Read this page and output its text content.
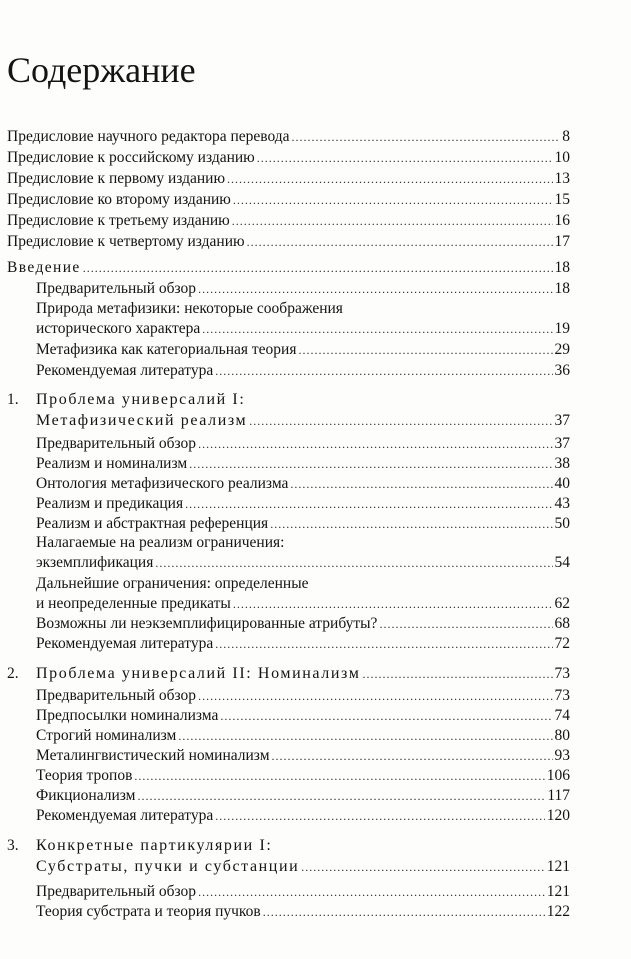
Содержание
Предисловие научного редактора перевода .....	8
Предисловие к российскому изданию .....	10
Предисловие к первому изданию .....	13
Предисловие ко второму изданию .....	15
Предисловие к третьему изданию .....	16
Предисловие к четвертому изданию .....	17
Введение .....	18
Предварительный обзор .....	18
Природа метафизики: некоторые соображения
исторического характера .....	19
Метафизика как категориальная теория .....	29
Рекомендуемая литература .....	36
1. Проблема универсалий I:
Метафизический реализм .....	37
Предварительный обзор .....	37
Реализм и номинализм .....	38
Онтология метафизического реализма .....	40
Реализм и предикация .....	43
Реализм и абстрактная референция .....	50
Налагаемые на реализм ограничения:
экземплификация .....	54
Дальнейшие ограничения: определенные
и неопределенные предикаты .....	62
Возможны ли неэкземплифицированные атрибуты? .....	68
Рекомендуемая литература .....	72
2. Проблема универсалий II: Номинализм .....	73
Предварительный обзор .....	73
Предпосылки номинализма .....	74
Строгий номинализм .....	80
Металингвистический номинализм .....	93
Теория тропов .....	106
Фикционализм .....	117
Рекомендуемая литература .....	120
3. Конкретные партикулярии I:
Субстраты, пучки и субстанции .....	121
Предварительный обзор .....	121
Теория субстрата и теория пучков .....	122
